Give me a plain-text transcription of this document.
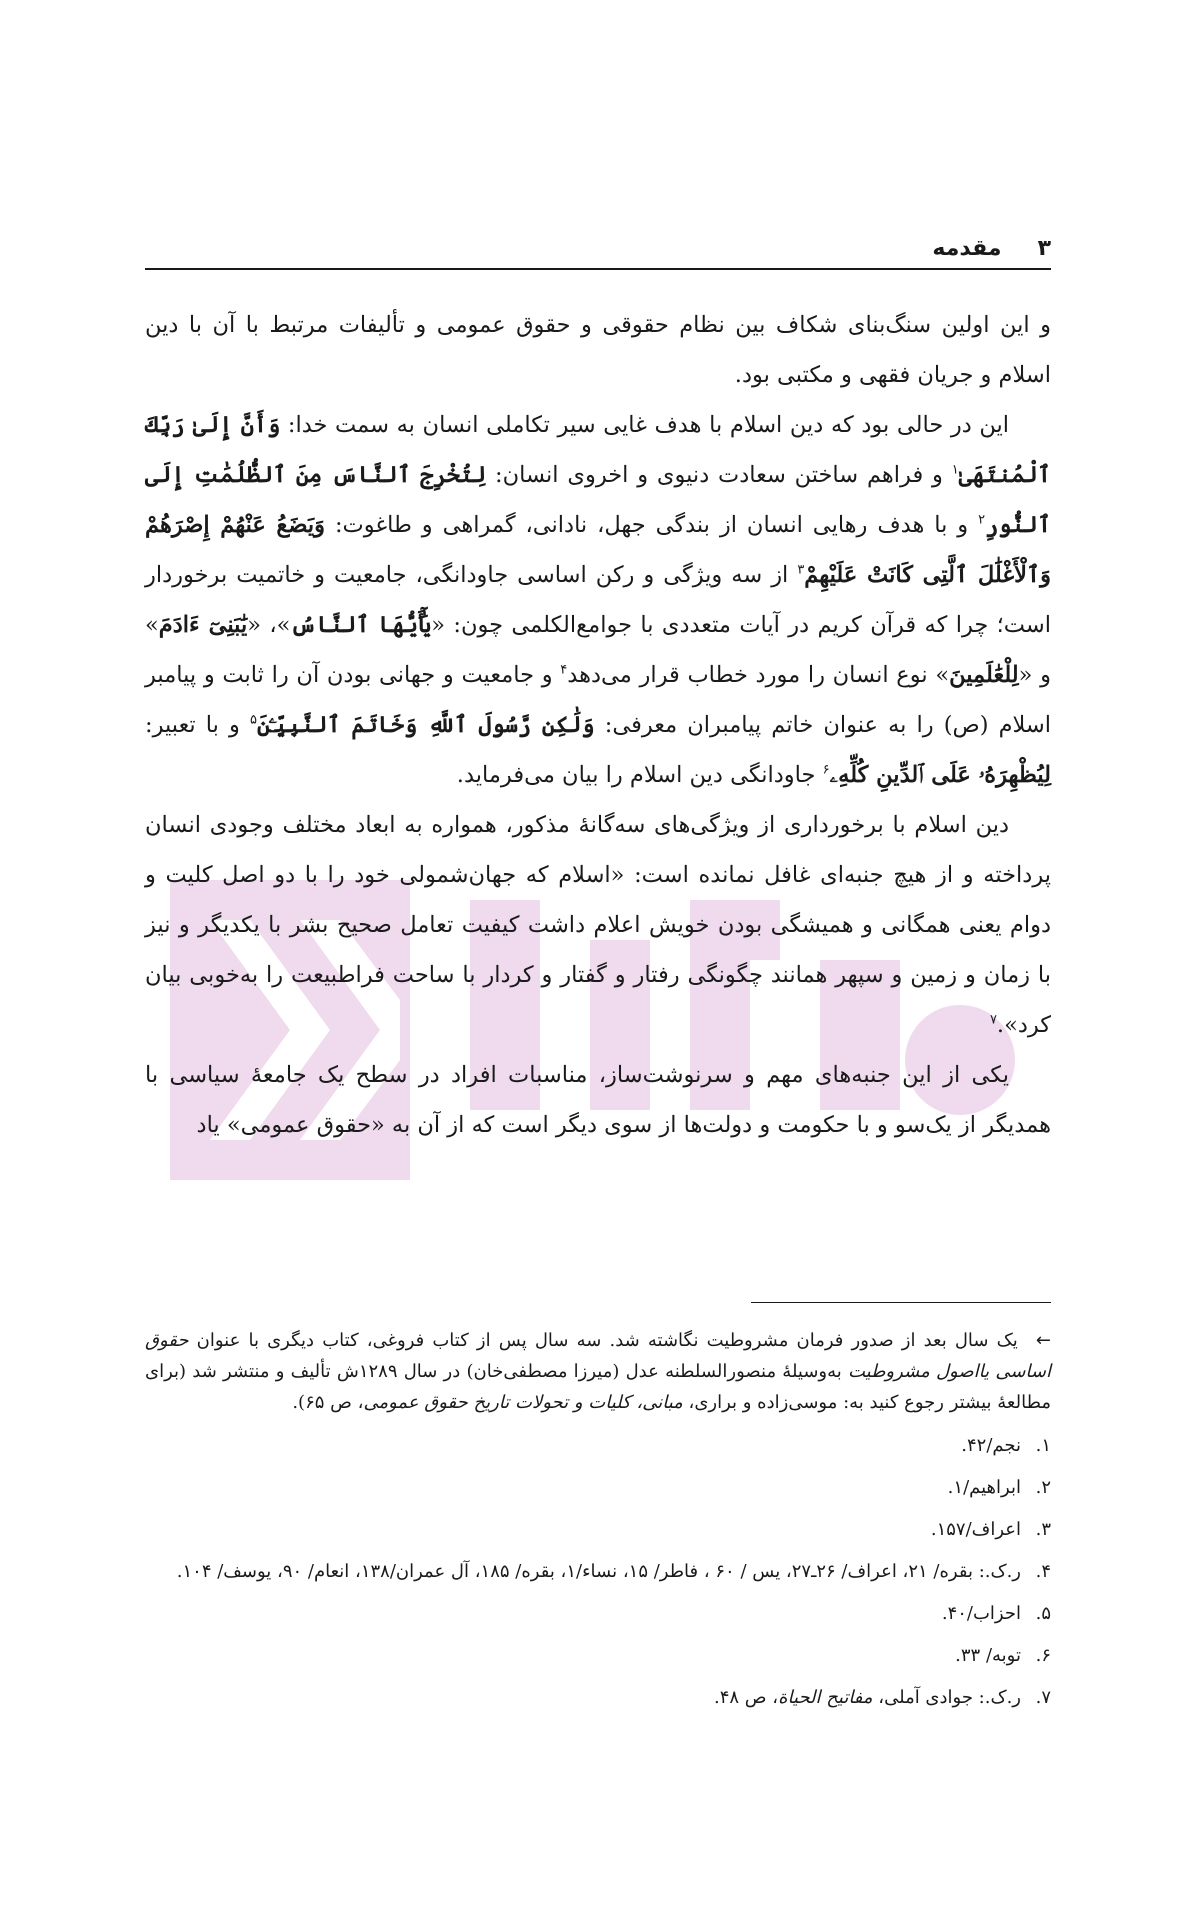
۳
مقدمه

و این اولین سنگ‌بنای شکاف بین نظام حقوقی و حقوق عمومی و تألیفات مرتبط با آن با دین اسلام و جریان فقهی و مکتبی بود.

این در حالی بود که دین اسلام با هدف غایی سیر تکاملی انسان به سمت خدا: وَأَنَّ إِلَىٰ رَبِّكَ ٱلْمُنتَهَىٰ$^۱$ و فراهم ساختن سعادت دنیوی و اخروی انسان: لِتُخْرِجَ ٱلنَّاسَ مِنَ ٱلظُّلُمَٰتِ إِلَى ٱلنُّورِ$^۲$ و با هدف رهایی انسان از بندگی جهل، نادانی، گمراهی و طاغوت: وَيَضَعُ عَنْهُمْ إِصْرَهُمْ وَٱلْأَغْلَٰلَ ٱلَّتِى كَانَتْ عَلَيْهِمْ$^۳$ از سه ویژگی و رکن اساسی جاودانگی، جامعیت و خاتمیت برخوردار است؛ چرا که قرآن کریم در آیات متعددی با جوامع‌الکلمی چون: «يَٰٓأَيُّهَا ٱلنَّاسُ»، «يَٰبَنِىٓ ءَادَمَ» و «لِلْعَٰلَمِينَ» نوع انسان را مورد خطاب قرار می‌دهد$^۴$ و جامعیت و جهانی بودن آن را ثابت و پیامبر اسلام (ص) را به عنوان خاتم پیامبران معرفی: وَلَٰكِن رَّسُولَ ٱللَّهِ وَخَاتَمَ ٱلنَّبِيِّـۧنَ$^۵$ و با تعبیر: لِيُظْهِرَهُۥ عَلَى ٱلدِّينِ كُلِّهِۦ$^۶$ جاودانگی دین اسلام را بیان می‌فرماید.

دین اسلام با برخورداری از ویژگی‌های سه‌گانهٔ مذکور، همواره به ابعاد مختلف وجودی انسان پرداخته و از هیچ جنبه‌ای غافل نمانده است: «اسلام که جهان‌شمولی خود را با دو اصل کلیت و دوام یعنی همگانی و همیشگی بودن خویش اعلام داشت کیفیت تعامل صحیح بشر با یکدیگر و نیز با زمان و زمین و سپهر همانند چگونگی رفتار و گفتار و کردار با ساحت فراطبیعت را به‌خوبی بیان کرد».$^۷$

یکی از این جنبه‌های مهم و سرنوشت‌ساز، مناسبات افراد در سطح یک جامعهٔ سیاسی با همدیگر از یک‌سو و با حکومت و دولت‌ها از سوی دیگر است که از آن به «حقوق عمومی» یاد

← یک سال بعد از صدور فرمان مشروطیت نگاشته شد. سه سال پس از کتاب فروغی، کتاب دیگری با عنوان حقوق اساسی یااصول مشروطیت به‌وسیلهٔ منصورالسلطنه عدل (میرزا مصطفی‌خان) در سال ۱۲۸۹ش تألیف و منتشر شد (برای مطالعهٔ بیشتر رجوع کنید به: موسی‌زاده و براری، مبانی، کلیات و تحولات تاریخ حقوق عمومی، ص ۶۵).

۱.نجم/۴۲.
۲.ابراهیم/۱.
۳.اعراف/۱۵۷.
۴.ر.ک.: بقره/ ۲۱، اعراف/ ۲۶ـ۲۷، یس / ۶۰ ، فاطر/ ۱۵، نساء/۱، بقره/ ۱۸۵، آل عمران/۱۳۸، انعام/ ۹۰، یوسف/ ۱۰۴.
۵.احزاب/۴۰.
۶.توبه/ ۳۳.
۷.ر.ک.: جوادی آملی، مفاتیح الحیاة، ص ۴۸.
